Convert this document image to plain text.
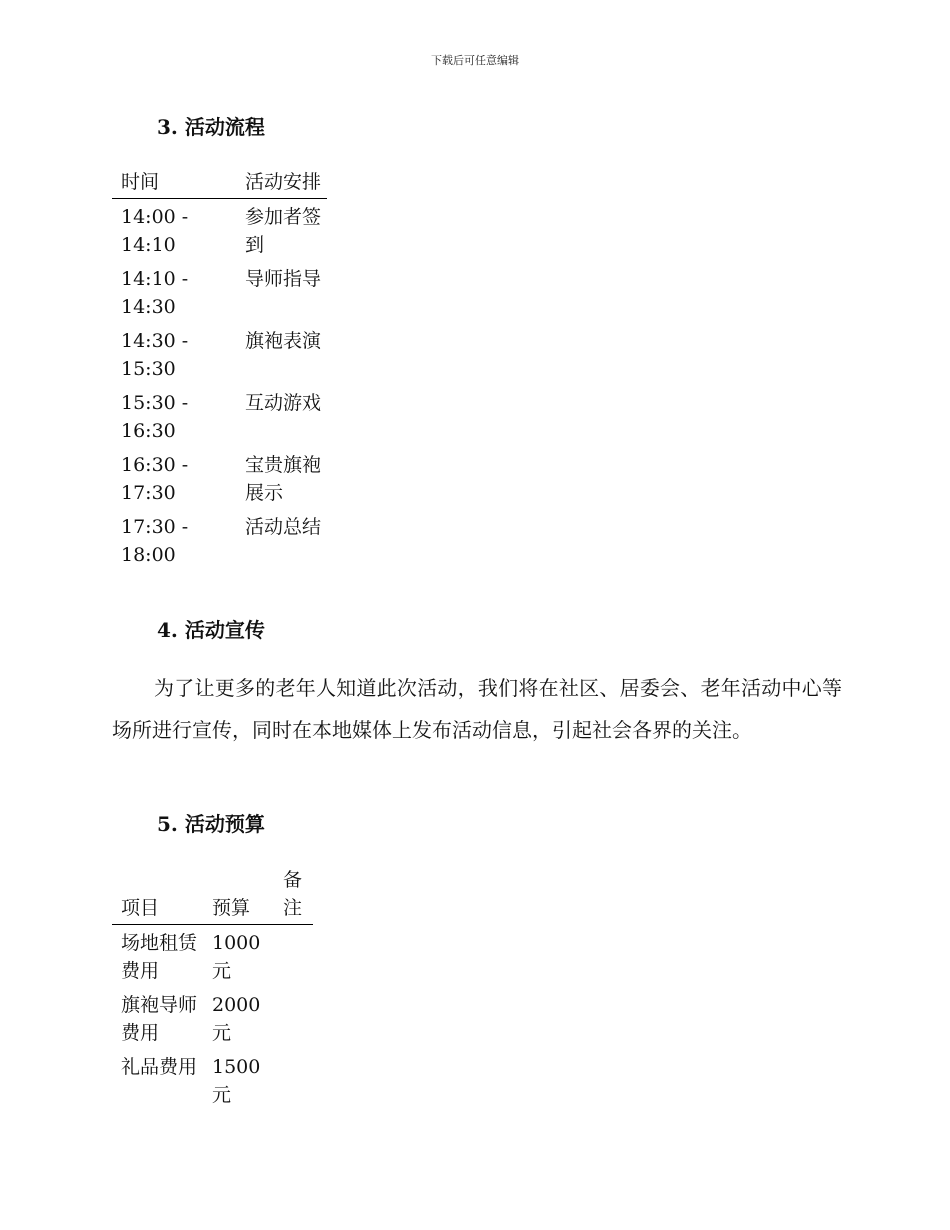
下载后可任意编辑
3. 活动流程
时间	活动安排

14:00 - 14:10	参加者签到
14:10 - 14:30	导师指导
14:30 - 15:30	旗袍表演
15:30 - 16:30	互动游戏
16:30 - 17:30	宝贵旗袍展示
17:30 - 18:00	活动总结
4. 活动宣传

为了让更多的老年人知道此次活动，我们将在社区、居委会、老年活动中心等场所进行宣传，同时在本地媒体上发布活动信息，引起社会各界的关注。

5. 活动预算
项目	预算	备注

场地租赁费用	1000元	
旗袍导师费用	2000元	
礼品费用	1500元	
